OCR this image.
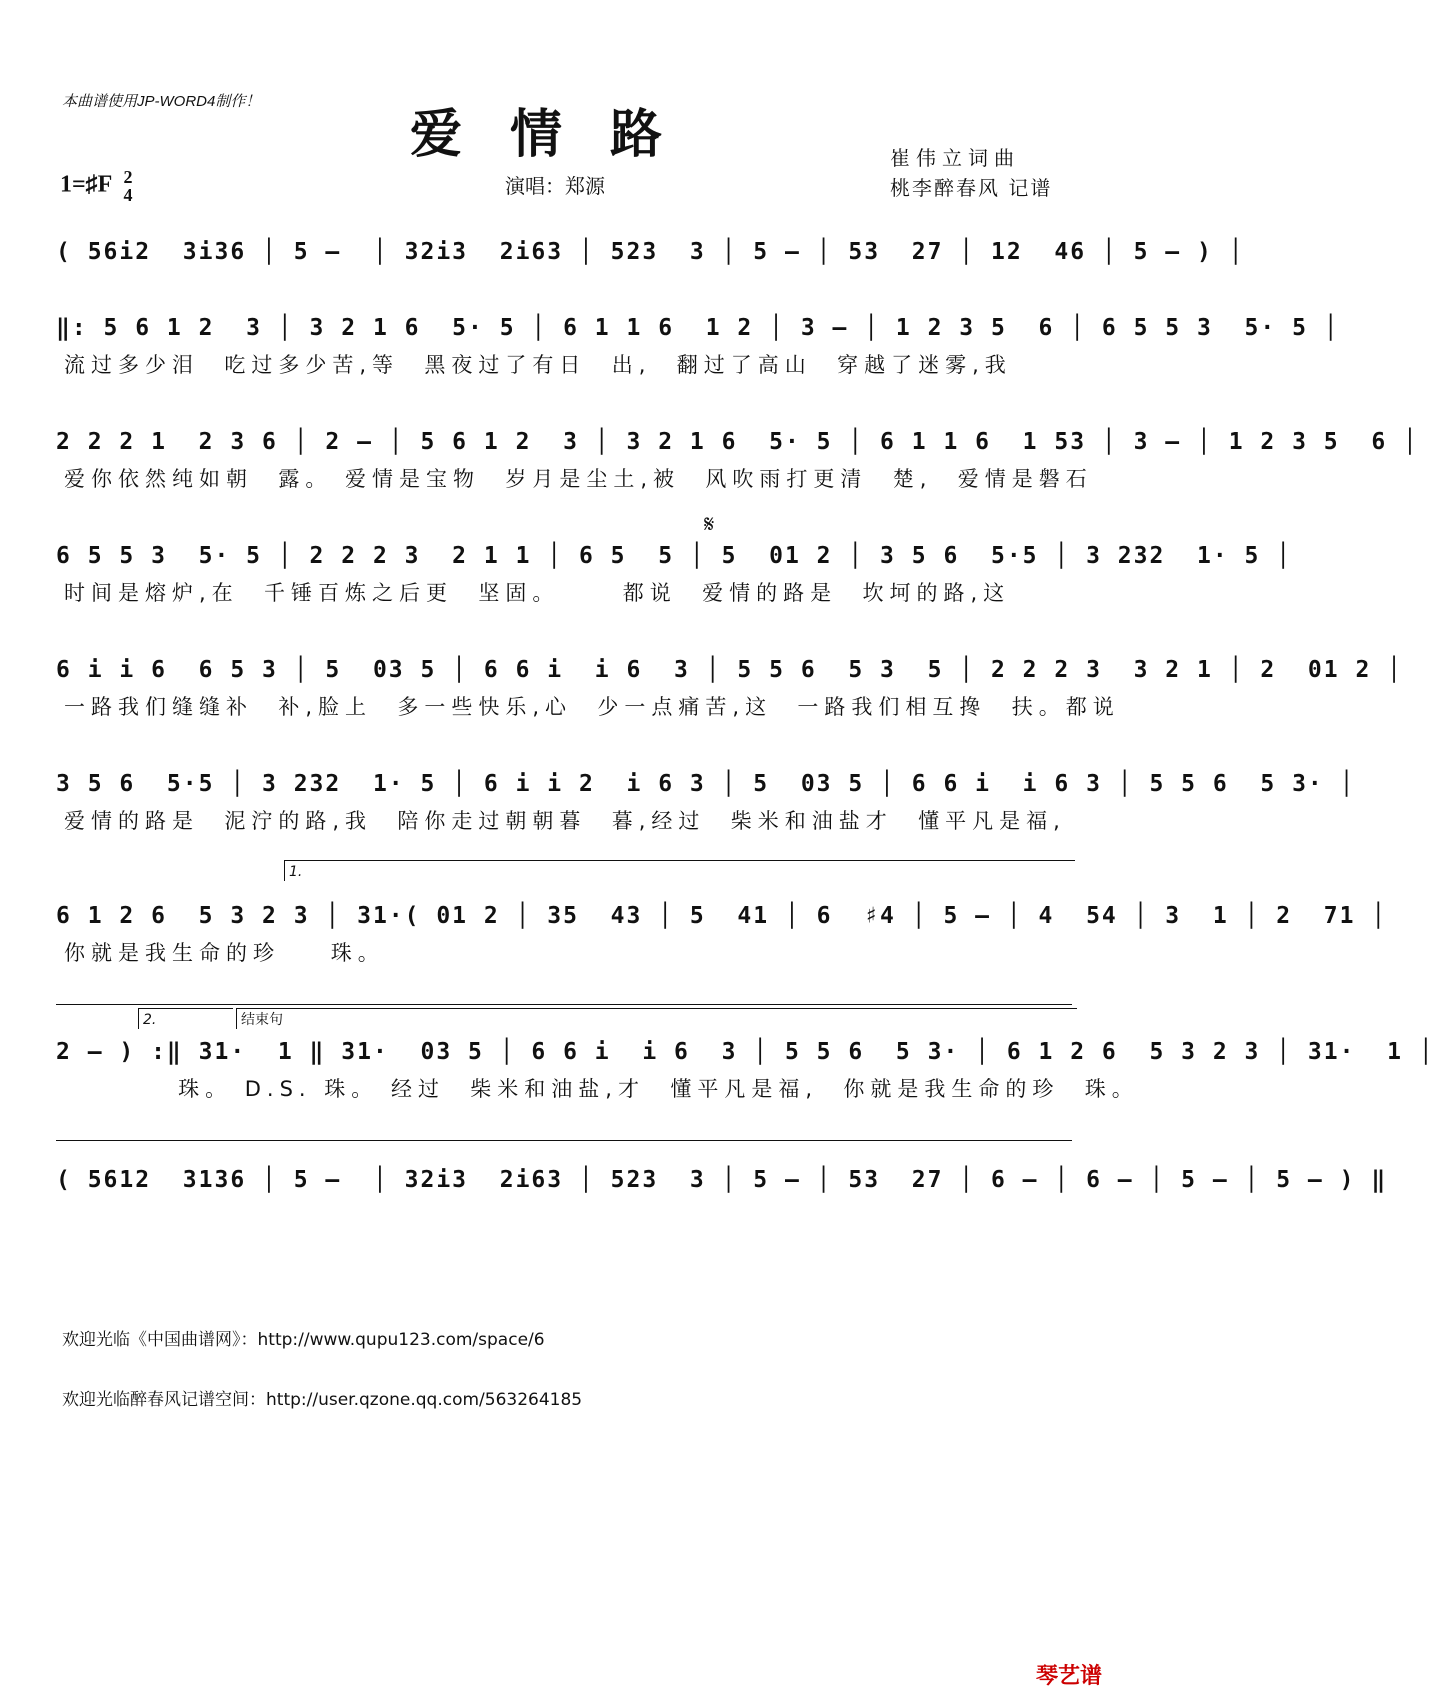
本曲谱使用JP-WORD4制作！
爱情路
1=♯F 2
4	演唱：郑源
崔伟立词曲
桃李醉春风 记谱
( 56i2  3i36 │ 5 –  │ 32i3  2i63 │ 523  3 │ 5 – │ 53  27 │ 12  46 │ 5 – ) │
‖: 5 6 1 2  3 │ 3 2 1 6  5· 5 │ 6 1 1 6  1 2 │ 3 – │ 1 2 3 5  6 │ 6 5 5 3  5· 5 │
流过多少泪  吃过多少苦,等  黑夜过了有日  出,  翻过了高山  穿越了迷雾,我
2 2 2 1  2 3 6 │ 2 – │ 5 6 1 2  3 │ 3 2 1 6  5· 5 │ 6 1 1 6  1 53 │ 3 – │ 1 2 3 5  6 │
爱你依然纯如朝  露。 爱情是宝物  岁月是尘土,被  风吹雨打更清  楚,  爱情是磐石
𝄋
6 5 5 3  5· 5 │ 2 2 2 3  2 1 1 │ 6 5  5 │ 5  01 2 │ 3 5 6  5·5 │ 3 232  1· 5 │
时间是熔炉,在  千锤百炼之后更  坚固。     都说  爱情的路是  坎坷的路,这
6 i i 6  6 5 3 │ 5  03 5 │ 6 6 i  i 6  3 │ 5 5 6  5 3  5 │ 2 2 2 3  3 2 1 │ 2  01 2 │
一路我们缝缝补  补,脸上  多一些快乐,心  少一点痛苦,这  一路我们相互搀  扶。都说
3 5 6  5·5 │ 3 232  1· 5 │ 6 i i 2  i 6 3 │ 5  03 5 │ 6 6 i  i 6 3 │ 5 5 6  5 3· │
爱情的路是  泥泞的路,我  陪你走过朝朝暮  暮,经过  柴米和油盐才  懂平凡是福,
1.
6 1 2 6  5 3 2 3 │ 31·( 01 2 │ 35  43 │ 5  41 │ 6  ♯4 │ 5 – │ 4  54 │ 3  1 │ 2  71 │
你就是我生命的珍    珠。
2.	结束句
2 – ) :‖ 31·  1 ‖ 31·  03 5 │ 6 6 i  i 6  3 │ 5 5 6  5 3· │ 6 1 2 6  5 3 2 3 │ 31·  1 │
珠。 D.S. 珠。 经过  柴米和油盐,才  懂平凡是福,  你就是我生命的珍  珠。
( 5612  3136 │ 5 –  │ 32i3  2i63 │ 523  3 │ 5 – │ 53  27 │ 6 – │ 6 – │ 5 – │ 5 – ) ‖
欢迎光临《中国曲谱网》：http://www.qupu123.com/space/6
欢迎光临醉春风记谱空间：http://user.qzone.qq.com/563264185
琴艺谱
